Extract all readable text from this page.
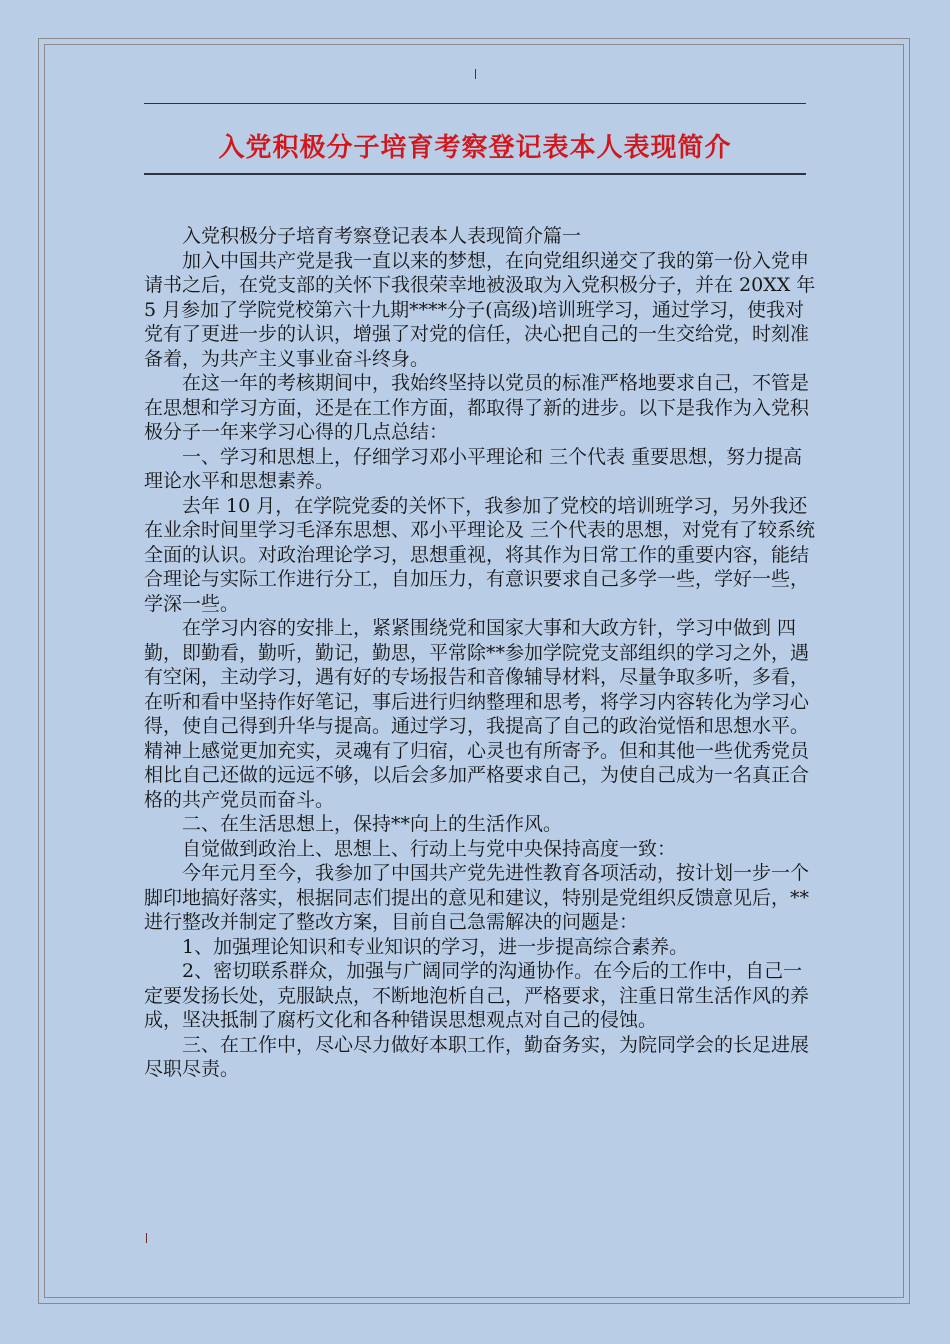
入党积极分子培育考察登记表本人表现简介

入党积极分子培育考察登记表本人表现简介篇一

加入中国共产党是我一直以来的梦想，在向党组织递交了我的第一份入党申请书之后，在党支部的关怀下我很荣幸地被汲取为入党积极分子，并在 20XX 年 5 月参加了学院党校第六十九期****分子(高级)培训班学习，通过学习，使我对党有了更进一步的认识，增强了对党的信任，决心把自己的一生交给党，时刻准备着，为共产主义事业奋斗终身。

在这一年的考核期间中，我始终坚持以党员的标准严格地要求自己，不管是在思想和学习方面，还是在工作方面，都取得了新的进步。以下是我作为入党积极分子一年来学习心得的几点总结：

一、学习和思想上，仔细学习邓小平理论和 三个代表 重要思想，努力提高理论水平和思想素养。

去年 10 月，在学院党委的关怀下，我参加了党校的培训班学习，另外我还在业余时间里学习毛泽东思想、邓小平理论及 三个代表的思想，对党有了较系统全面的认识。对政治理论学习，思想重视，将其作为日常工作的重要内容，能结合理论与实际工作进行分工，自加压力，有意识要求自己多学一些，学好一些，学深一些。

在学习内容的安排上，紧紧围绕党和国家大事和大政方针，学习中做到 四勤，即勤看，勤听，勤记，勤思，平常除**参加学院党支部组织的学习之外，遇有空闲，主动学习，遇有好的专场报告和音像辅导材料，尽量争取多听，多看，在听和看中坚持作好笔记，事后进行归纳整理和思考，将学习内容转化为学习心得，使自己得到升华与提高。通过学习，我提高了自己的政治觉悟和思想水平。精神上感觉更加充实，灵魂有了归宿，心灵也有所寄予。但和其他一些优秀党员相比自己还做的远远不够，以后会多加严格要求自己，为使自己成为一名真正合格的共产党员而奋斗。

二、在生活思想上，保持**向上的生活作风。

自觉做到政治上、思想上、行动上与党中央保持高度一致：

今年元月至今，我参加了中国共产党先进性教育各项活动，按计划一步一个脚印地搞好落实，根据同志们提出的意见和建议，特别是党组织反馈意见后，**进行整改并制定了整改方案，目前自己急需解决的问题是：

1、加强理论知识和专业知识的学习，进一步提高综合素养。

2、密切联系群众，加强与广阔同学的沟通协作。在今后的工作中，自己一定要发扬长处，克服缺点，不断地泡析自己，严格要求，注重日常生活作风的养成，坚决抵制了腐朽文化和各种错误思想观点对自己的侵蚀。

三、在工作中，尽心尽力做好本职工作，勤奋务实，为院同学会的长足进展尽职尽责。
